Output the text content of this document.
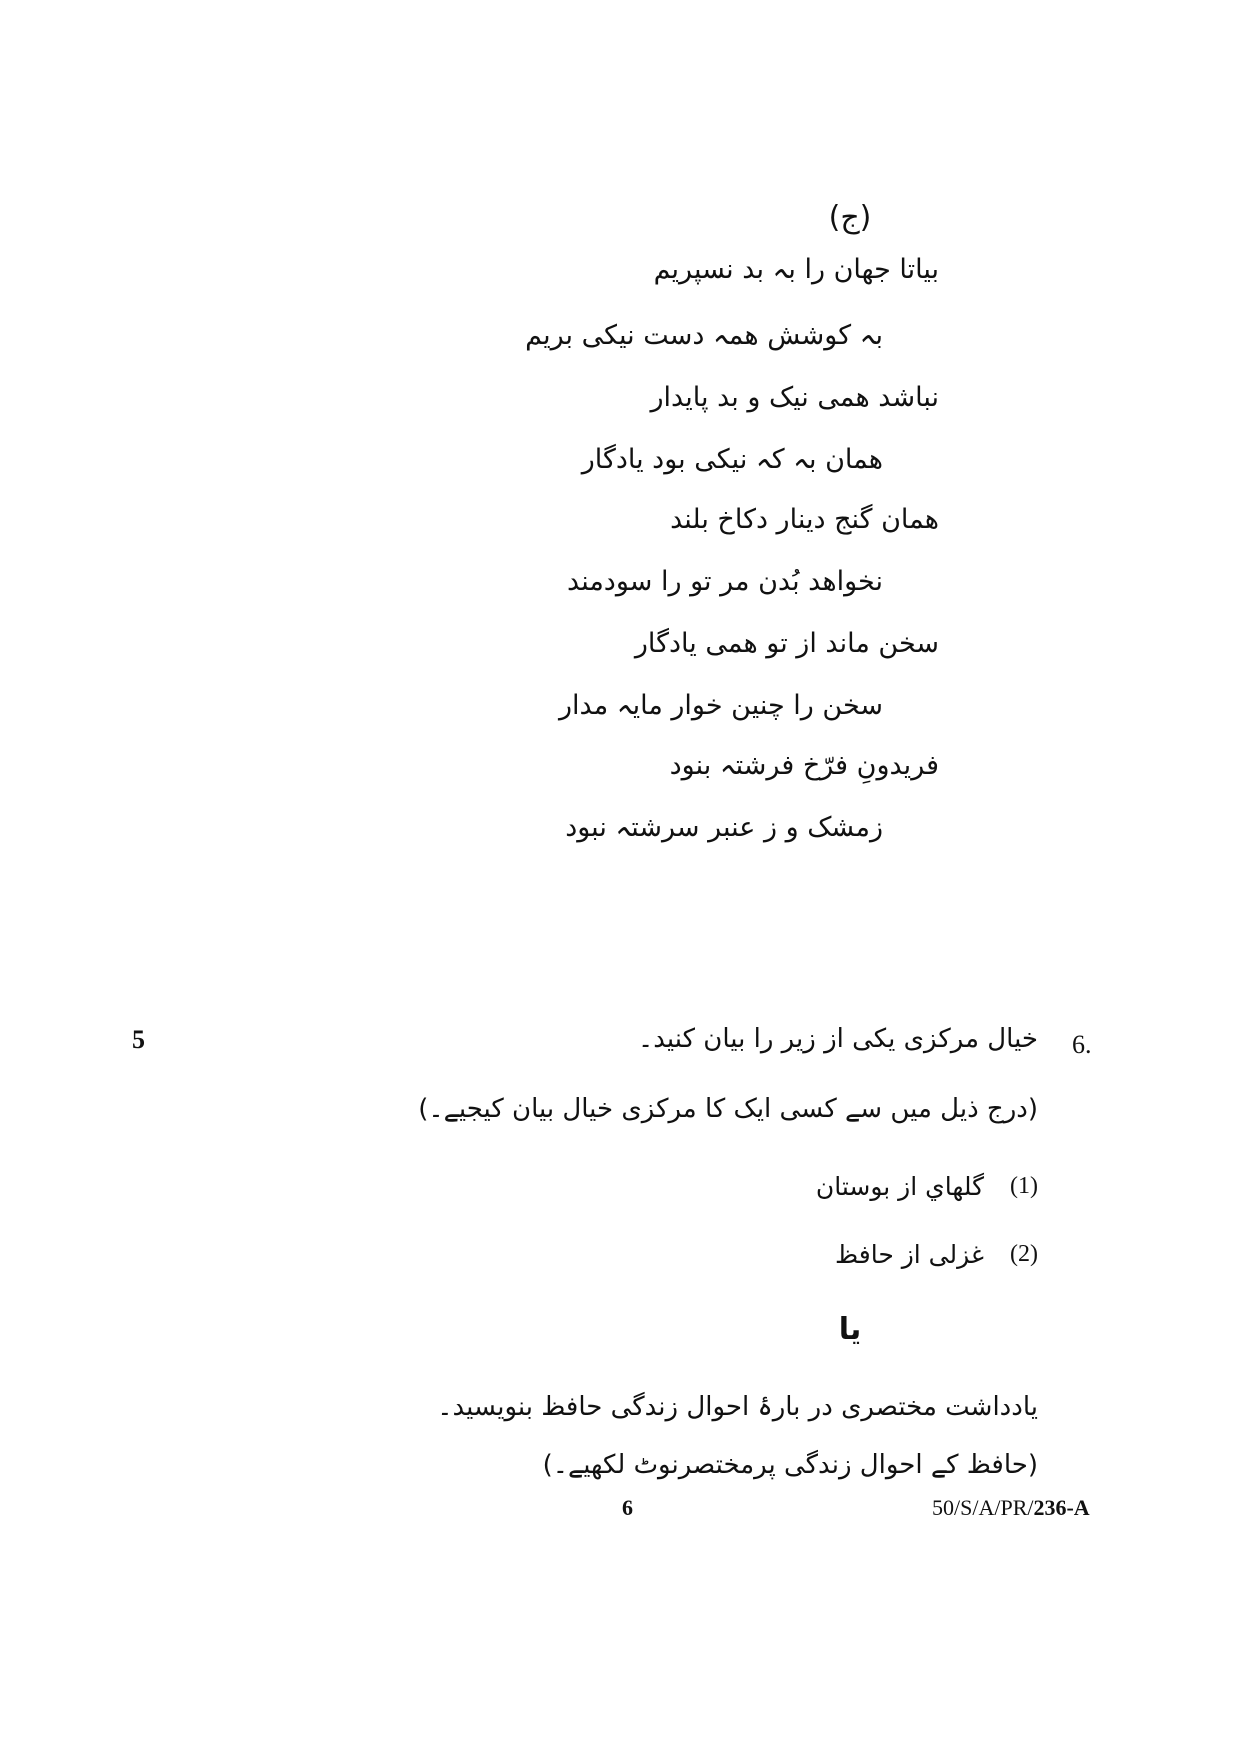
(ج)
بیاتا جھان را بہ بد نسپریم
بہ کوشش ھمہ دست نیکی بریم
نباشد ھمی نیک و بد پایدار
ھمان بہ کہ نیکی بود یادگار
ھمان گنج دینار دکاخ بلند
نخواھد بُدن مر تو را سودمند
سخن ماند از تو ھمی یادگار
سخن را چنین خوار مایہ مدار
فریدونِ فرّخ فرشتہ بنود
زمشک و ز عنبر سرشتہ نبود
5	6.
خیال مرکزی یکی از زیر را بیان کنید۔
(درج ذیل میں سے کسی ایک کا مرکزی خیال بیان کیجیے۔)
(1)
گلھاي از بوستان
(2)
غزلی از حافظ
یا
یادداشت مختصری در بارۂ احوال زندگی حافظ بنویسید۔
(حافظ کے احوال زندگی پرمختصرنوٹ لکھیے۔)
6	50/S/A/PR/236-A
